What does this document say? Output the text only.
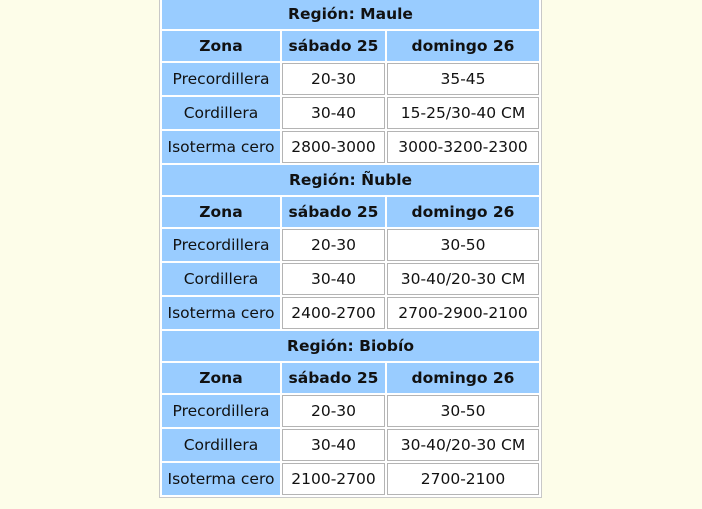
Región: Maule		
Zona	sábado 25	domingo 26
Precordillera	20-30	35-45
Cordillera	30-40	15-25/30-40 CM
Isoterma cero	2800-3000	3000-3200-2300
Región: Ñuble		
Zona	sábado 25	domingo 26
Precordillera	20-30	30-50
Cordillera	30-40	30-40/20-30 CM
Isoterma cero	2400-2700	2700-2900-2100
Región: Biobío		
Zona	sábado 25	domingo 26
Precordillera	20-30	30-50
Cordillera	30-40	30-40/20-30 CM
Isoterma cero	2100-2700	2700-2100
